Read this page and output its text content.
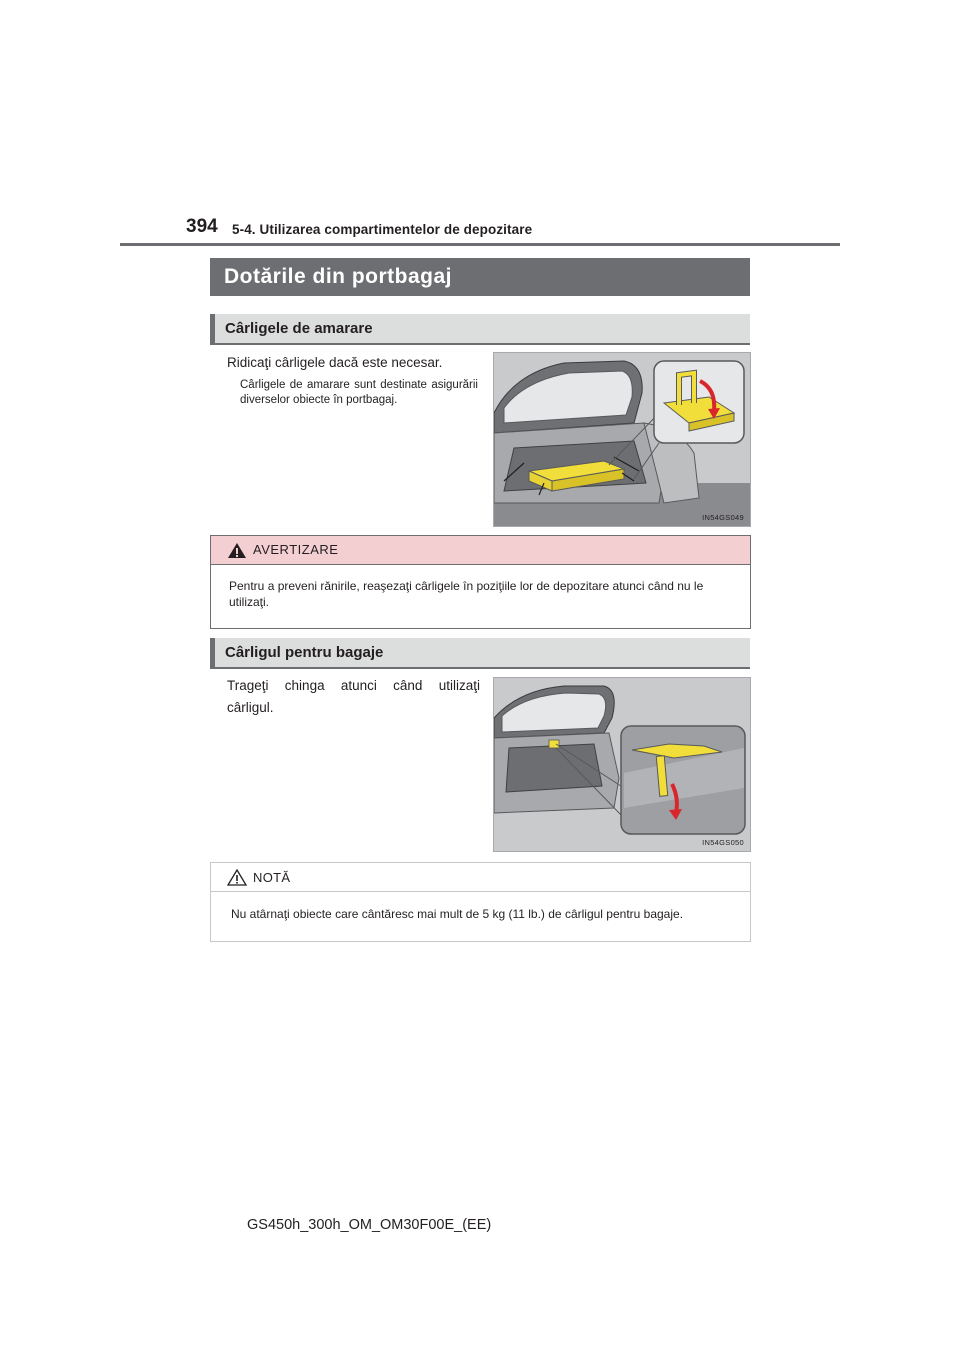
394 5-4. Utilizarea compartimentelor de depozitare
Dotările din portbagaj
Cârligele de amarare
Ridicaţi cârligele dacă este necesar.
Cârligele de amarare sunt destinate asigurării diverselor obiecte în portbagaj.
IN54GS049
AVERTIZARE
Pentru a preveni rănirile, reaşezaţi cârligele în poziţiile lor de depozitare atunci când nu le utilizaţi.
Cârligul pentru bagaje
Trageţi chinga atunci când utilizaţi cârligul.
IN54GS050
NOTĂ
Nu atârnaţi obiecte care cântăresc mai mult de 5 kg (11 lb.) de cârligul pentru bagaje.
GS450h_300h_OM_OM30F00E_(EE)
